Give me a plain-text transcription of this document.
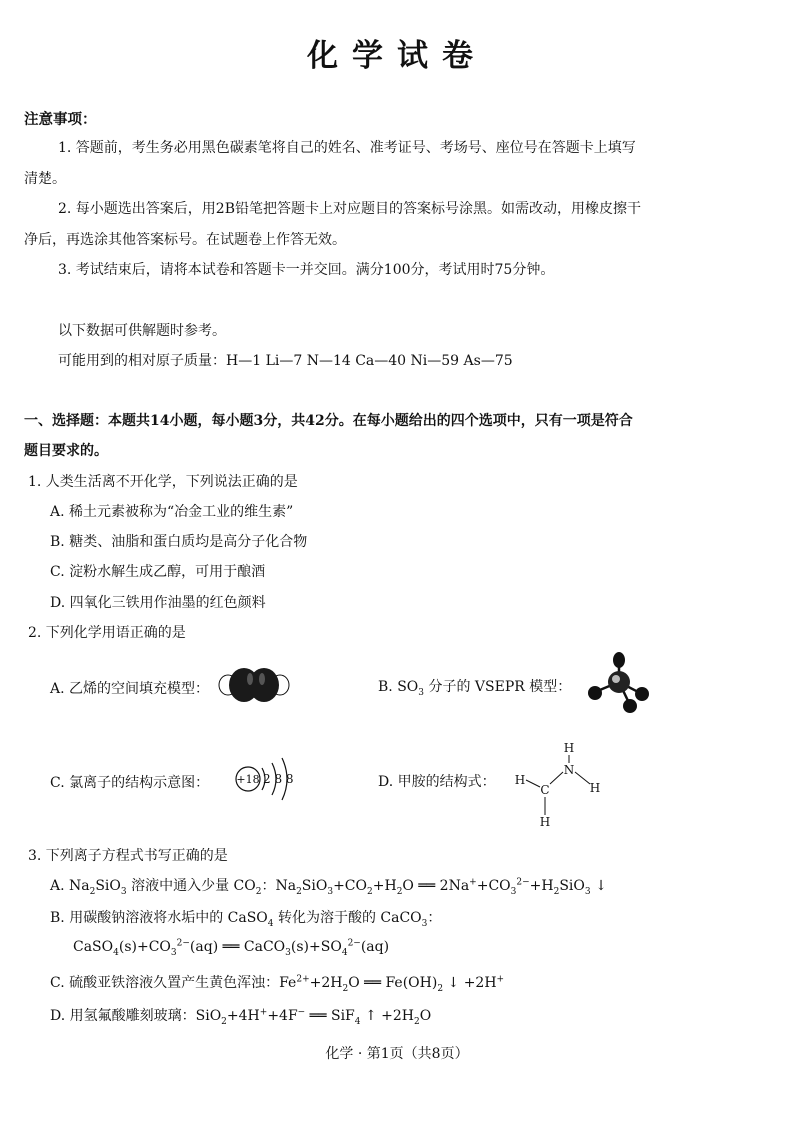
化学试卷
注意事项：
1. 答题前，考生务必用黑色碳素笔将自己的姓名、准考证号、考场号、座位号在答题卡上填写
清楚。
2. 每小题选出答案后，用2B铅笔把答题卡上对应题目的答案标号涂黑。如需改动，用橡皮擦干
净后，再选涂其他答案标号。在试题卷上作答无效。
3. 考试结束后，请将本试卷和答题卡一并交回。满分100分，考试用时75分钟。
以下数据可供解题时参考。
可能用到的相对原子质量：H—1 Li—7 N—14 Ca—40 Ni—59 As—75
一、选择题：本题共14小题，每小题3分，共42分。在每小题给出的四个选项中，只有一项是符合
题目要求的。
1. 人类生活离不开化学，下列说法正确的是
A. 稀土元素被称为“冶金工业的维生素”
B. 糖类、油脂和蛋白质均是高分子化合物
C. 淀粉水解生成乙醇，可用于酿酒
D. 四氧化三铁用作油墨的红色颜料
2. 下列化学用语正确的是
A. 乙烯的空间填充模型：	B. $SO_3$ 分子的 VSEPR 模型：
C. 氯离子的结构示意图： +18 2 8 8	D. 甲胺的结构式：
H
H
C
N
H
H
3. 下列离子方程式书写正确的是
A. $Na_2SiO_3$ 溶液中通入少量 $CO_2$：$Na_2SiO_3+CO_2+H_2O$ ══ $2Na^++CO_3^{2-}+H_2SiO_3$ ↓
B. 用碳酸钠溶液将水垢中的 CaSO$_4$ 转化为溶于酸的 CaCO$_3$：
$CaSO_4(s)+CO_3^{2-}(aq)$ ══ $CaCO_3(s)+SO_4^{2-}(aq)$
C. 硫酸亚铁溶液久置产生黄色浑浊：$Fe^{2+}+2H_2O$ ══ $Fe(OH)_2$ ↓ +2H+
D. 用氢氟酸雕刻玻璃：SiO$_2$+4H++4F− ══ SiF$_4$ ↑ $+2H_2O$
化学 · 第1页（共8页）
